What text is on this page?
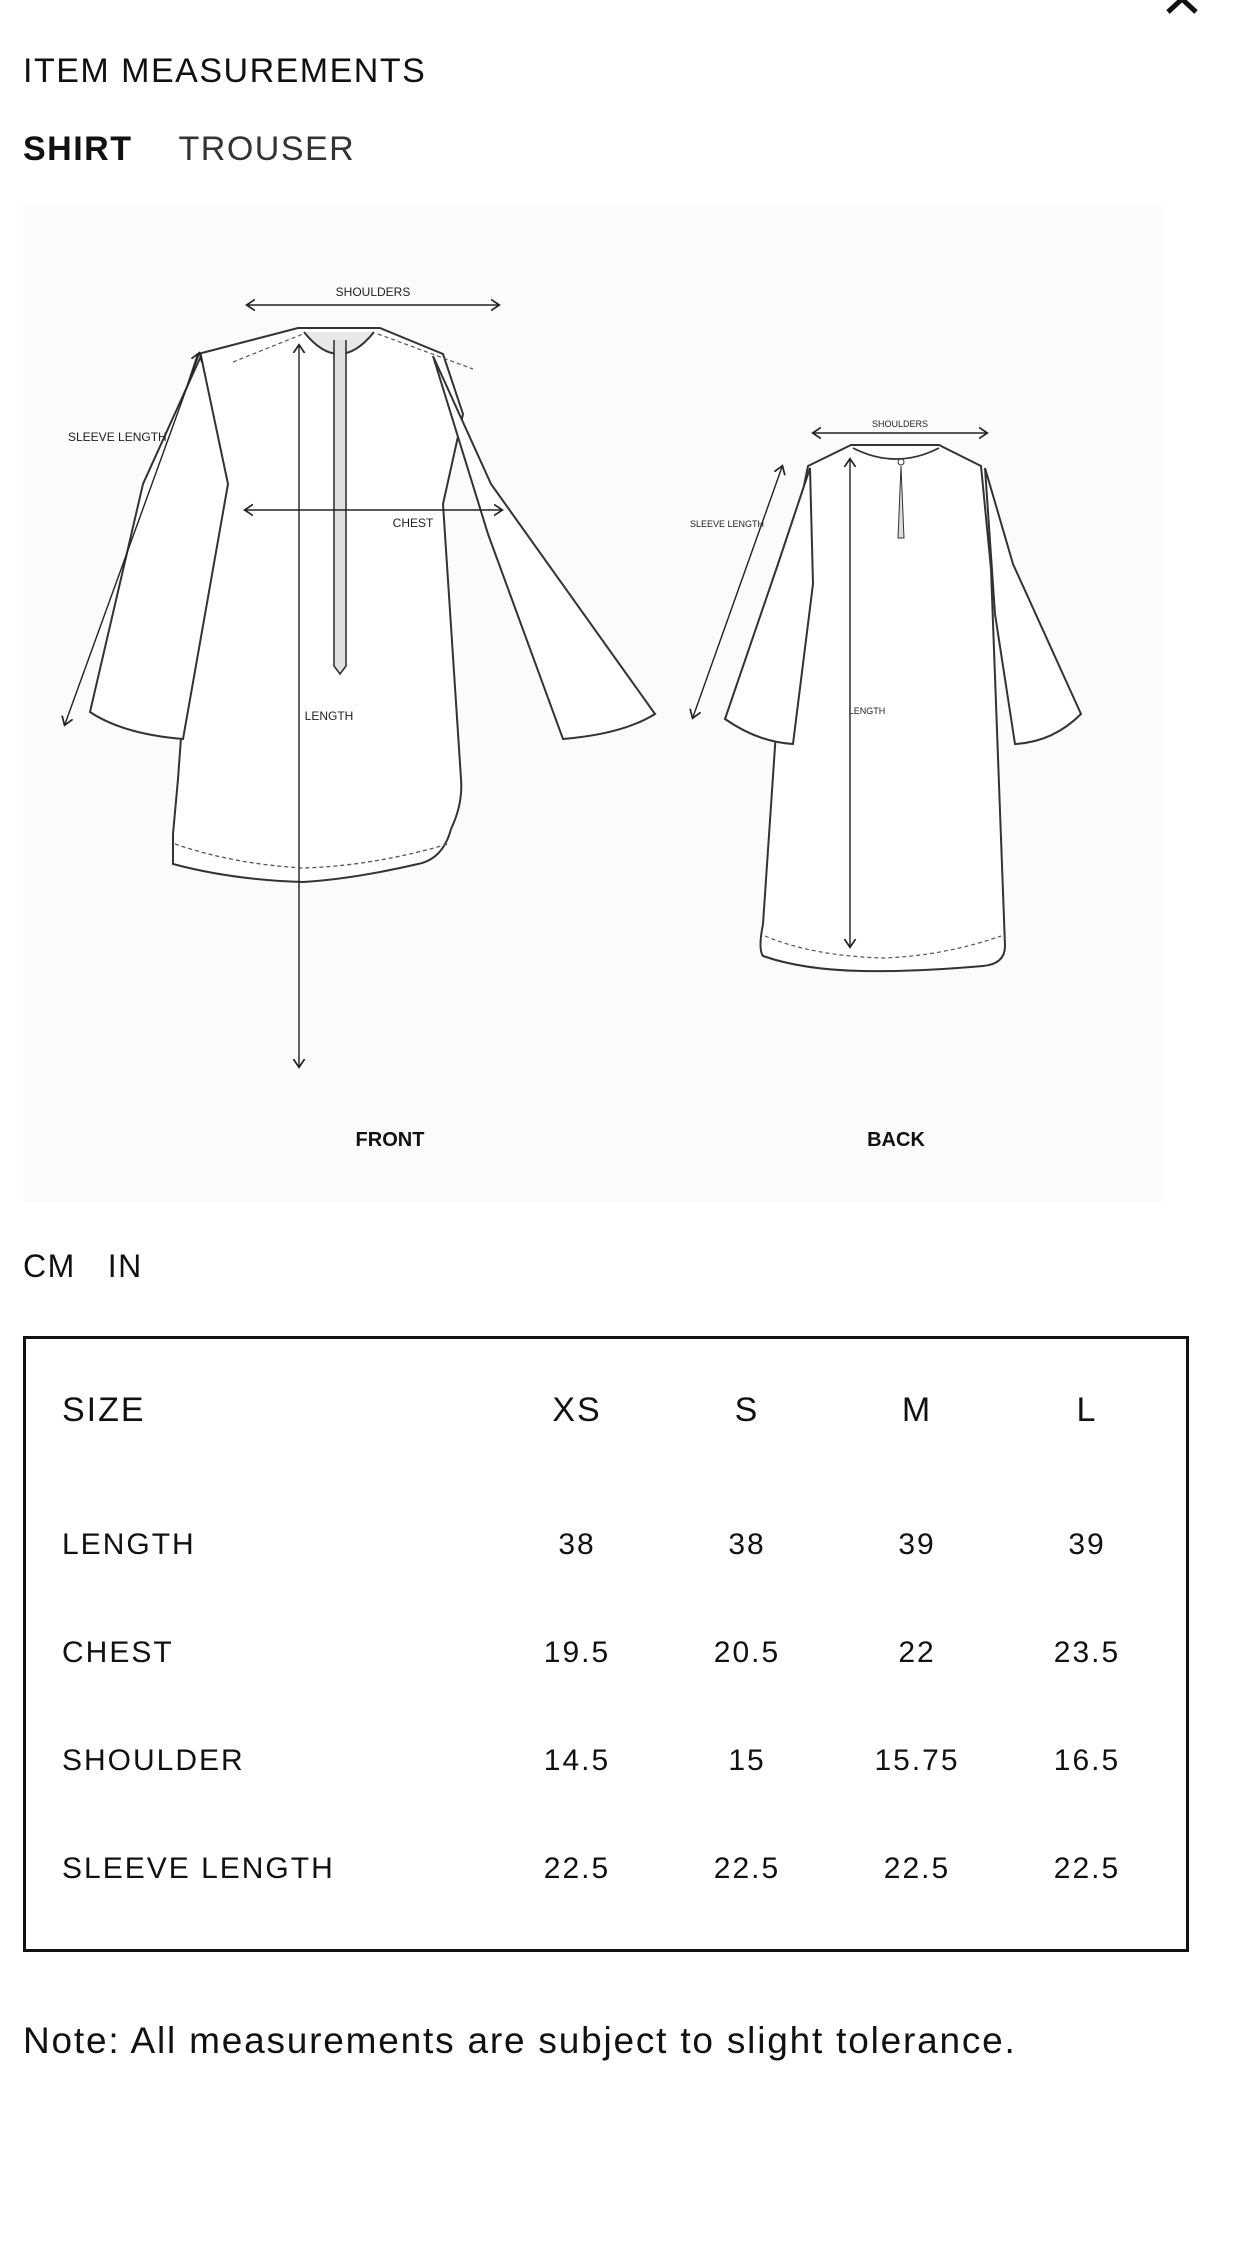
ITEM MEASUREMENTS
SHIRT TROUSER
SHOULDERS
SLEEVE LENGTH
CHEST
LENGTH
FRONT
SHOULDERS
SLEEVE LENGTH
LENGTH
BACK
CM IN
SIZE	XS	S	M	L
LENGTH	38	38	39	39
CHEST	19.5	20.5	22	23.5
SHOULDER	14.5	15	15.75	16.5
SLEEVE LENGTH	22.5	22.5	22.5	22.5
Note: All measurements are subject to slight tolerance.
